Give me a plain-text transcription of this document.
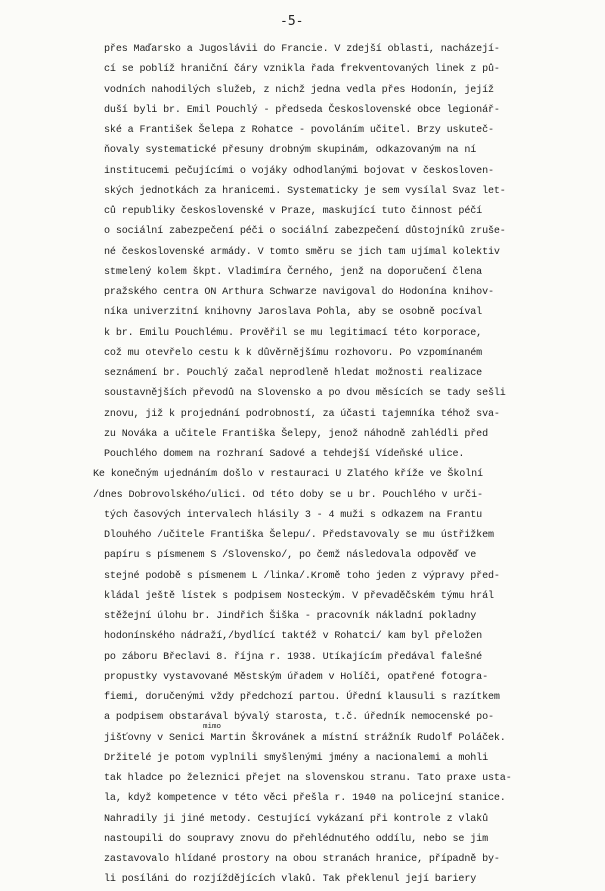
-5-
přes Maďarsko a Jugoslávii do Francie. V zdejší oblasti, nacházejí-
cí se poblíž hraniční čáry vznikla řada frekventovaných linek z pů-
vodních nahodilých služeb, z nichž jedna vedla přes Hodonín, jejíž
duší byli br. Emil Pouchlý - předseda Československé obce legionář-
ské a František Šelepa z Rohatce - povoláním učitel. Brzy uskuteč-
ňovaly systematické přesuny drobným skupinám, odkazovaným na ní
institucemi pečujícími o vojáky odhodlanými bojovat v českosloven-
ských jednotkách za hranicemi. Systematicky je sem vysílal Svaz let-
ců republiky československé v Praze, maskující tuto činnost péčí
o sociální zabezpečení péči o sociální zabezpečení důstojníků zruše-
né československé armády. V tomto směru se jich tam ujímal kolektiv
stmelený kolem škpt. Vladimíra Černého, jenž na doporučení člena
pražského centra ON Arthura Schwarze navigoval do Hodonína knihov-
níka univerzitní knihovny Jaroslava Pohla, aby se osobně pocíval
k br. Emilu Pouchlému. Prověřil se mu legitimací této korporace,
což mu otevřelo cestu k k důvěrnějšímu rozhovoru. Po vzpomínaném
seznámení br. Pouchlý začal neprodleně hledat možnosti realizace
soustavnějších převodů na Slovensko a po dvou měsících se tady sešli
znovu, již k projednání podrobností, za účasti tajemníka téhož sva-
zu Nováka a učitele Františka Šelepy, jenož náhodně zahlédli před
Pouchlého domem na rozhraní Sadové a tehdejší Vídeňské ulice.
Ke konečným ujednáním došlo v restauraci U Zlatého kříže ve Školní
/dnes Dobrovolského/ulici. Od této doby se u br. Pouchlého v urči-
tých časových intervalech hlásily 3 - 4 muži s odkazem na Frantu
Dlouhého /učitele Františka Šelepu/. Představovaly se mu ústřižkem
papíru s písmenem S /Slovensko/, po čemž následovala odpověď ve
stejné podobě s písmenem L /linka/.Kromě toho jeden z výpravy před-
kládal ještě lístek s podpisem Nosteckým. V převaděčském týmu hrál
stěžejní úlohu br. Jindřich Šiška - pracovník nákladní pokladny
hodonínského nádraží,/bydlící taktéž v Rohatci/ kam byl přeložen
po záboru Břeclavi 8. října r. 1938. Utíkajícím předával falešné
propustky vystavované Městským úřadem v Holíči, opatřené fotogra-
fiemi, doručenými vždy předchozí partou. Úřední klausuli s razítkem
a podpisem obstarával bývalý starosta, t.č. úředník nemocenské po-
jišťovny v Senici Martin Škrovánek a místní strážník Rudolf Poláček.
Držitelé je potom vyplnili smyšlenými jmény a nacionalemi a mohli
tak hladce po železnici přejet na slovenskou stranu. Tato praxe usta-
la, když kompetence v této věci přešla r. 1940 na policejní stanice.
Nahradily ji jiné metody. Cestující vykázaní při kontrole z vlaků
nastoupili do soupravy znovu do přehlédnutého oddílu, nebo se jim
zastavovalo hlídané prostory na obou stranách hranice, případně by-
li posíláni do rozjíždějících vlaků. Tak překlenul její bariery
mimo
